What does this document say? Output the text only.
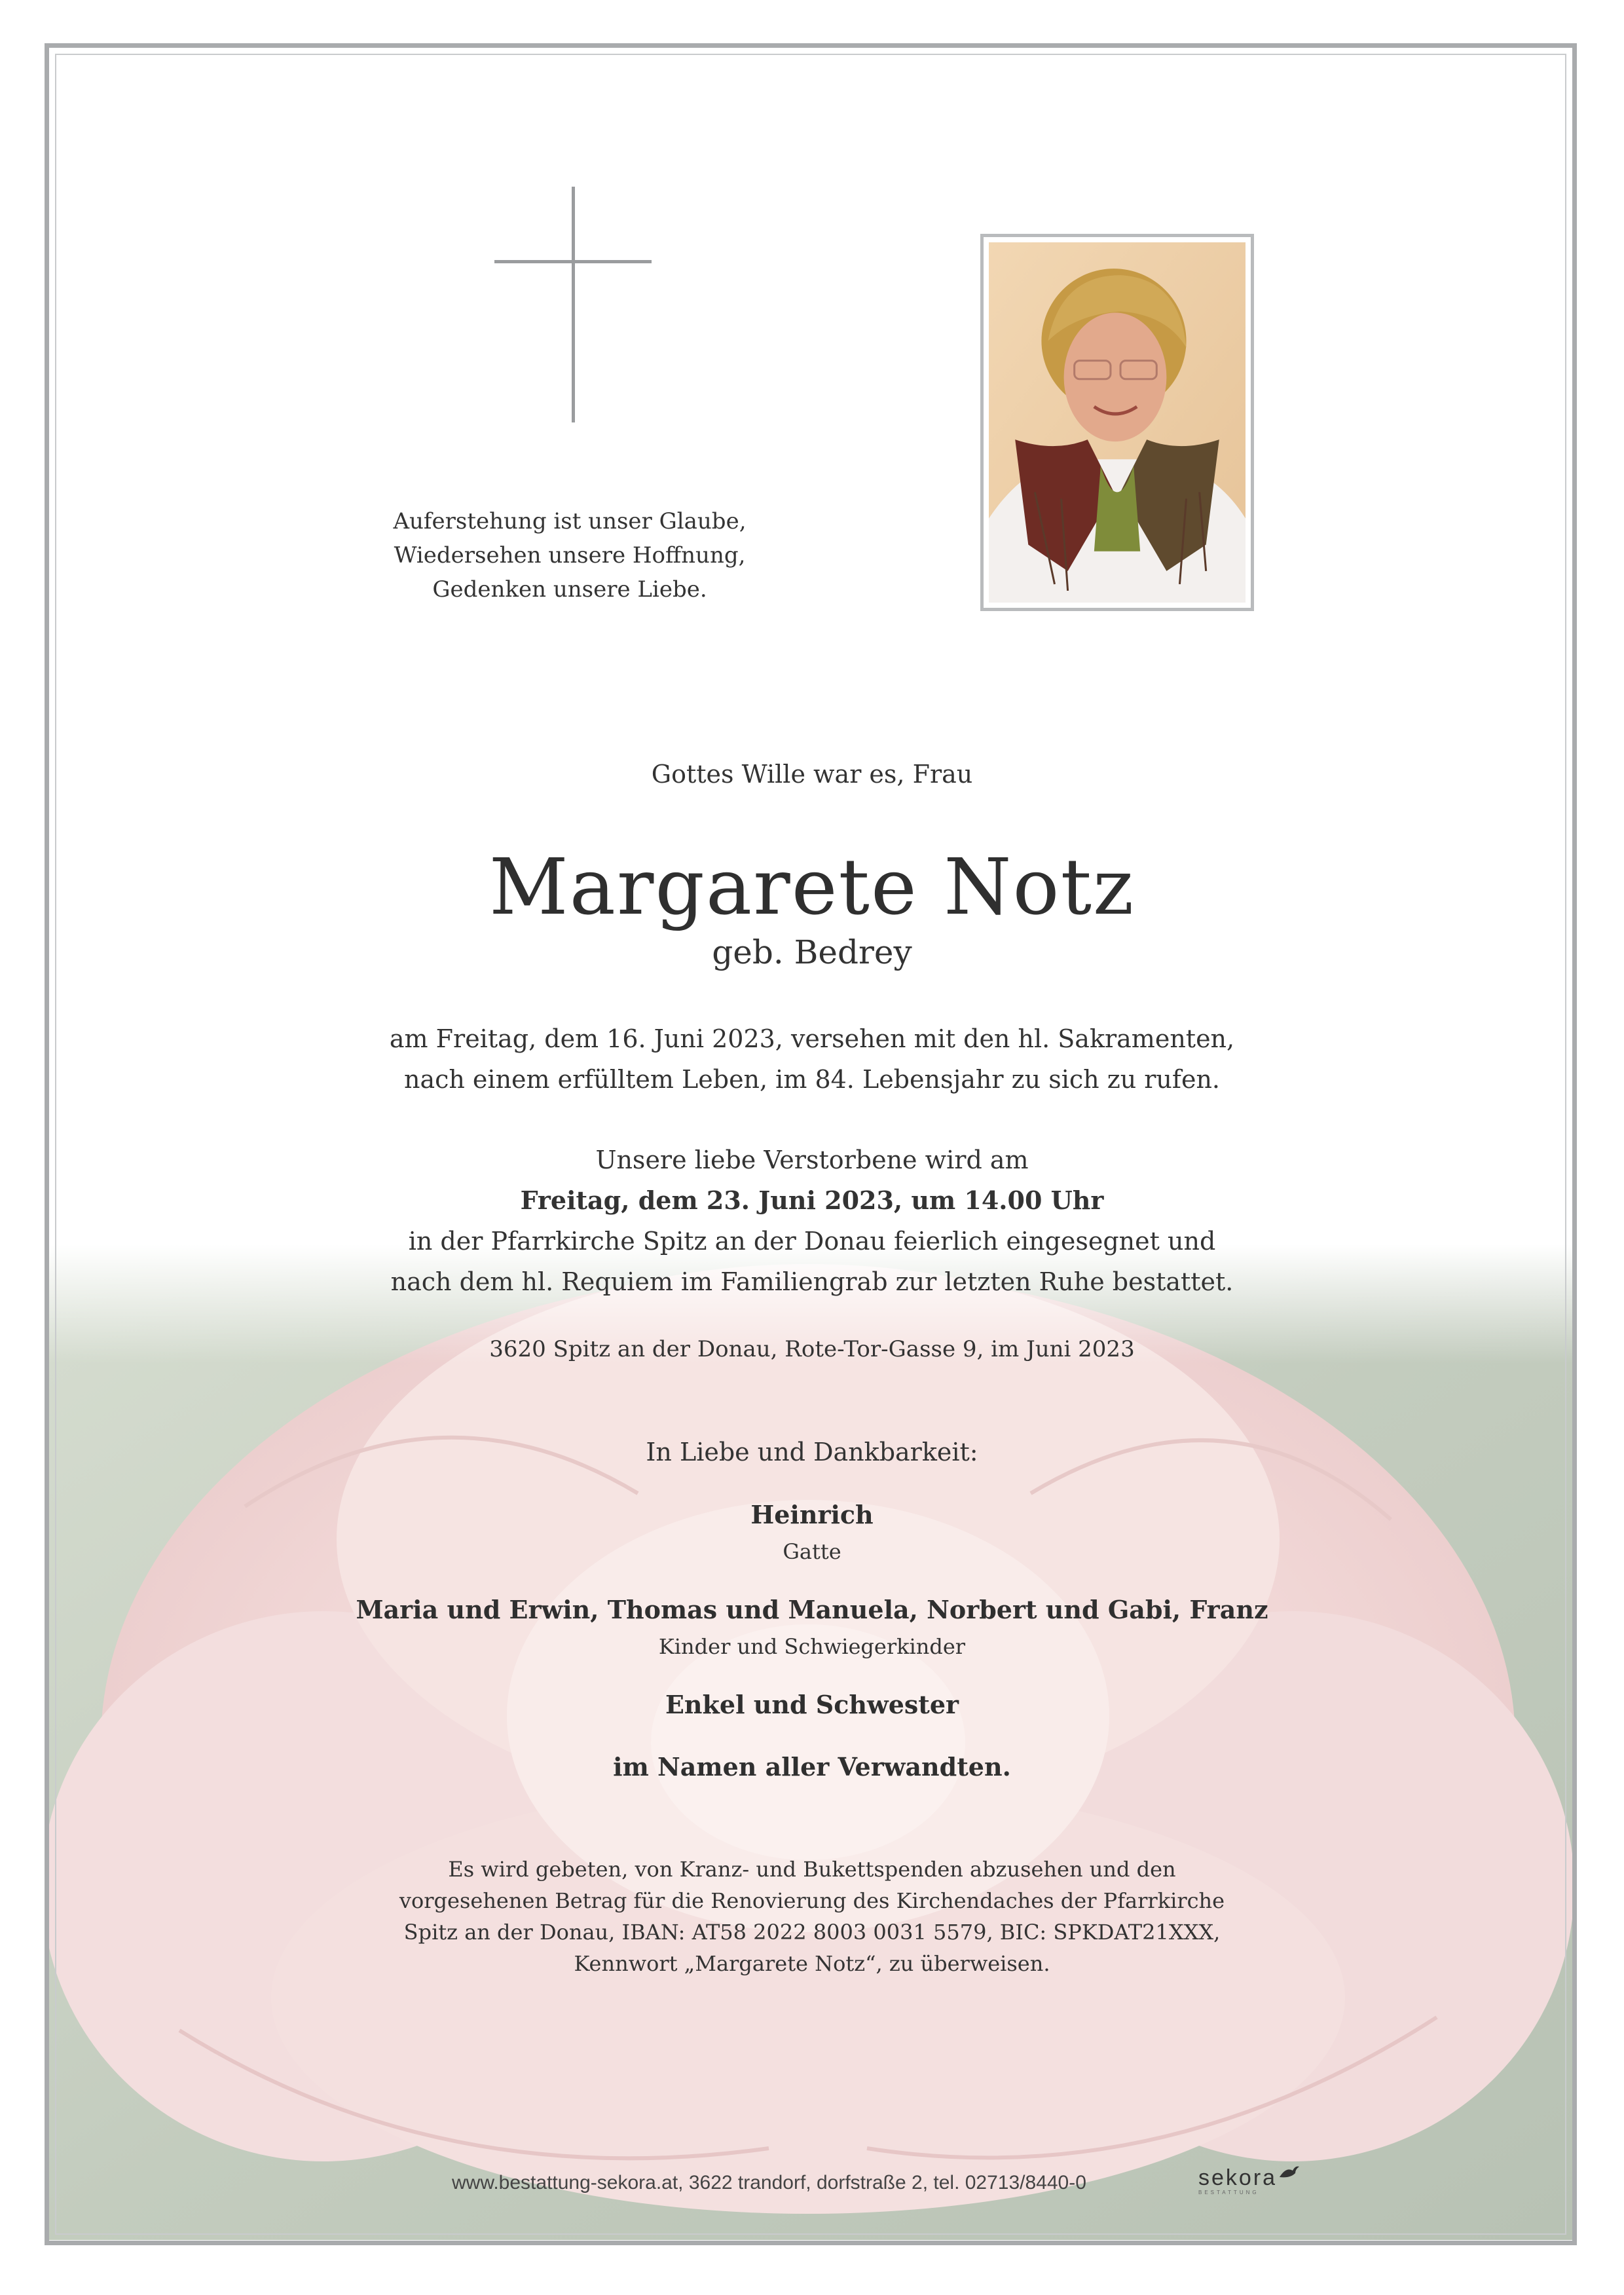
Auferstehung ist unser Glaube,
Wiedersehen unsere Hoffnung,
Gedenken unsere Liebe.
Gottes Wille war es, Frau
Margarete Notz
geb. Bedrey
am Freitag, dem 16. Juni 2023, versehen mit den hl. Sakramenten,
nach einem erfülltem Leben, im 84. Lebensjahr zu sich zu rufen.
Unsere liebe Verstorbene wird am
Freitag, dem 23. Juni 2023, um 14.00 Uhr
in der Pfarrkirche Spitz an der Donau feierlich eingesegnet und
nach dem hl. Requiem im Familiengrab zur letzten Ruhe bestattet.
3620 Spitz an der Donau, Rote-Tor-Gasse 9, im Juni 2023
In Liebe und Dankbarkeit:
Heinrich
Gatte
Maria und Erwin, Thomas und Manuela, Norbert und Gabi, Franz
Kinder und Schwiegerkinder
Enkel und Schwester
im Namen aller Verwandten.
Es wird gebeten, von Kranz- und Bukettspenden abzusehen und den
vorgesehenen Betrag für die Renovierung des Kirchendaches der Pfarrkirche
Spitz an der Donau, IBAN: AT58 2022 8003 0031 5579, BIC: SPKDAT21XXX,
Kennwort „Margarete Notz“, zu überweisen.
www.bestattung-sekora.at, 3622 trandorf, dorfstraße 2, tel. 02713/8440-0	sekora
BESTATTUNG
